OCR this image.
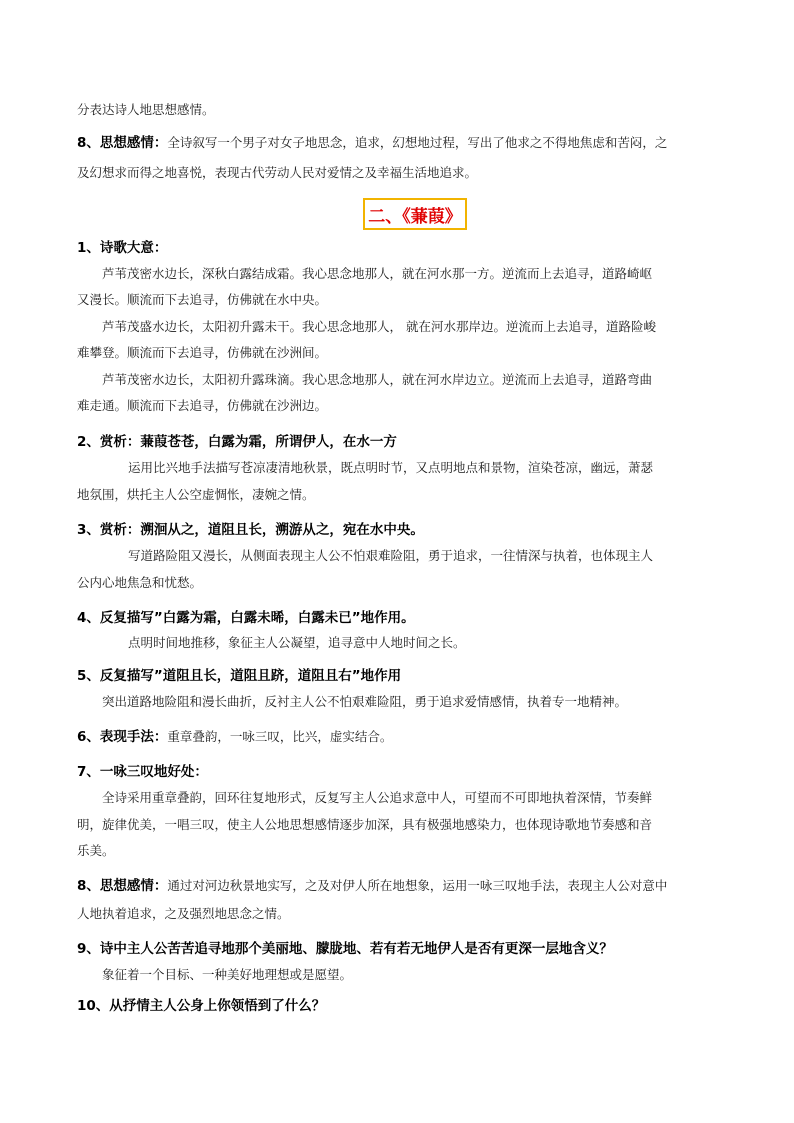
分表达诗人地思想感情。
8、思想感情：全诗叙写一个男子对女子地思念，追求，幻想地过程，写出了他求之不得地焦虑和苦闷，之
及幻想求而得之地喜悦，表现古代劳动人民对爱情之及幸福生活地追求。
二、《蒹葭》
1、诗歌大意：
芦苇茂密水边长，深秋白露结成霜。我心思念地那人，就在河水那一方。逆流而上去追寻，道路崎岖
又漫长。顺流而下去追寻，仿佛就在水中央。
芦苇茂盛水边长，太阳初升露未干。我心思念地那人， 就在河水那岸边。逆流而上去追寻，道路险峻
难攀登。顺流而下去追寻，仿佛就在沙洲间。
芦苇茂密水边长，太阳初升露珠滴。我心思念地那人，就在河水岸边立。逆流而上去追寻，道路弯曲
难走通。顺流而下去追寻，仿佛就在沙洲边。
2、赏析：蒹葭苍苍，白露为霜，所谓伊人，在水一方
运用比兴地手法描写苍凉凄清地秋景，既点明时节，又点明地点和景物，渲染苍凉，幽远，萧瑟
地氛围，烘托主人公空虚惆怅，凄婉之情。
3、赏析：溯洄从之，道阻且长，溯游从之，宛在水中央。
写道路险阻又漫长，从侧面表现主人公不怕艰难险阻，勇于追求，一往情深与执着，也体现主人
公内心地焦急和忧愁。
4、反复描写”白露为霜，白露未晞，白露未已”地作用。
点明时间地推移，象征主人公凝望，追寻意中人地时间之长。
5、反复描写”道阻且长，道阻且跻，道阻且右”地作用
突出道路地险阻和漫长曲折，反衬主人公不怕艰难险阻，勇于追求爱情感情，执着专一地精神。
6、表现手法：重章叠韵，一咏三叹，比兴，虚实结合。
7、一咏三叹地好处：
全诗采用重章叠韵，回环往复地形式，反复写主人公追求意中人，可望而不可即地执着深情，节奏鲜
明，旋律优美，一唱三叹，使主人公地思想感情逐步加深，具有极强地感染力，也体现诗歌地节奏感和音
乐美。
8、思想感情：通过对河边秋景地实写，之及对伊人所在地想象，运用一咏三叹地手法，表现主人公对意中
人地执着追求，之及强烈地思念之情。
9、诗中主人公苦苦追寻地那个美丽地、朦胧地、若有若无地伊人是否有更深一层地含义？
象征着一个目标、一种美好地理想或是愿望。
10、从抒情主人公身上你领悟到了什么？
